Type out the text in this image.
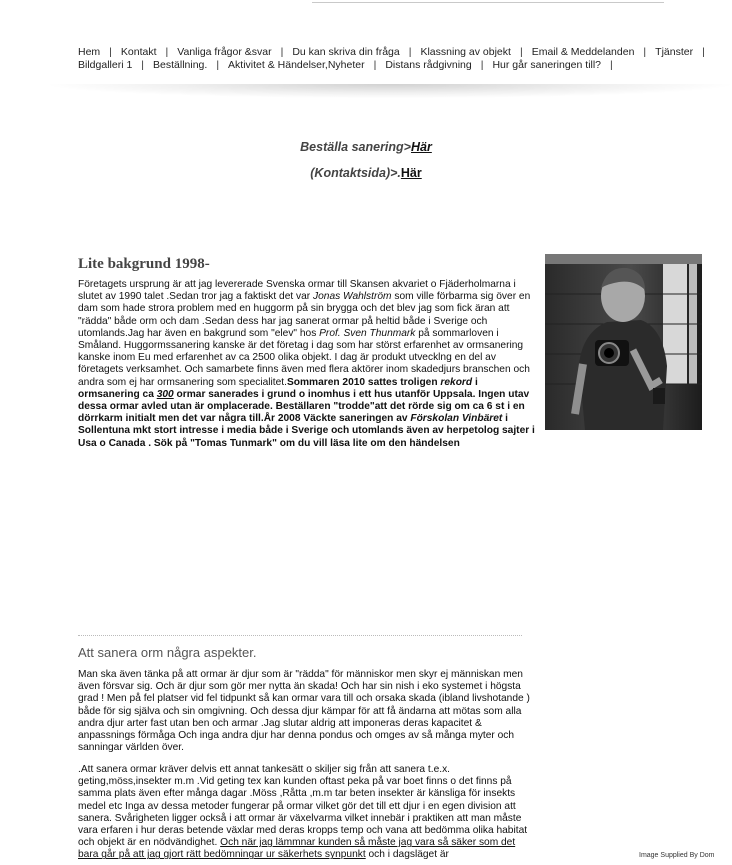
Hem | Kontakt | Vanliga frågor &svar | Du kan skriva din fråga | Klassning av objekt | Email & Meddelanden | Tjänster |
Bildgalleri 1 | Beställning. | Aktivitet & Händelser,Nyheter | Distans rådgivning | Hur går saneringen till? |
Beställa sanering>Här
(Kontaktsida)>.Här
Lite bakgrund 1998-

Företagets ursprung är att jag levererade Svenska ormar till Skansen akvariet o Fjäderholmarna i slutet av 1990 talet .Sedan tror jag a faktiskt det var Jonas Wahlström som ville förbarma sig över en dam som hade strora problem med en huggorm på sin brygga och det blev jag som fick äran att "rädda" både orm och dam .Sedan dess har jag sanerat ormar på heltid både i Sverige och utomlands.Jag har även en bakgrund som "elev" hos Prof. Sven Thunmark på sommarloven i Småland. Huggormssanering kanske är det företag i dag som har störst erfarenhet av ormsanering kanske inom Eu med erfarenhet av ca 2500 olika objekt. I dag är produkt utvecklng en del av företagets verksamhet. Och samarbete finns även med flera aktörer inom skadedjurs branschen och andra som ej har ormsanering som specialitet.Sommaren 2010 sattes troligen rekord i ormsanering ca 300 ormar sanerades i grund o inomhus i ett hus utanför Uppsala. Ingen utav dessa ormar avled utan är omplacerade. Beställaren "trodde"att det rörde sig om ca 6 st i en dörrkarm initialt men det var några till.År 2008 Väckte saneringen av Förskolan Vinbäret i Sollentuna mkt stort intresse i media både i Sverige och utomlands även av herpetolog sajter i Usa o Canada . Sök på "Tomas Tunmark" om du vill läsa lite om den händelsen

Att sanera orm några aspekter.

Man ska även tänka på att ormar är djur som är "rädda" för människor men skyr ej människan men även försvar sig. Och är djur som gör mer nytta än skada! Och har sin nish i eko systemet i högsta grad ! Men på fel platser vid fel tidpunkt så kan ormar vara till och orsaka skada (ibland livshotande ) både för sig själva och sin omgivning. Och dessa djur kämpar för att få ändarna att mötas som alla andra djur arter fast utan ben och armar .Jag slutar aldrig att imponeras deras kapacitet & anpassnings förmåga Och inga andra djur har denna pondus och omges av så många myter och sanningar världen över.

.Att sanera ormar kräver delvis ett annat tankesätt o skiljer sig från att sanera t.e.x. geting,möss,insekter m.m .Vid geting tex kan kunden oftast peka på var boet finns o det finns på samma plats även efter många dagar .Möss ,Råtta ,m.m tar beten insekter är känsliga för insekts medel etc Inga av dessa metoder fungerar på ormar vilket gör det till ett djur i en egen division att sanera. Svårigheten ligger också i att ormar är växelvarma vilket innebär i praktiken att man måste vara erfaren i hur deras betende växlar med deras kropps temp och vana att bedömma olika habitat och objekt är en nödvändighet. Och när jag lämmnar kunden så måste jag vara så säker som det bara går på att jag gjort rätt bedömningar ur säkerhets synpunkt och i dagsläget är	Image Supplied By Dom
